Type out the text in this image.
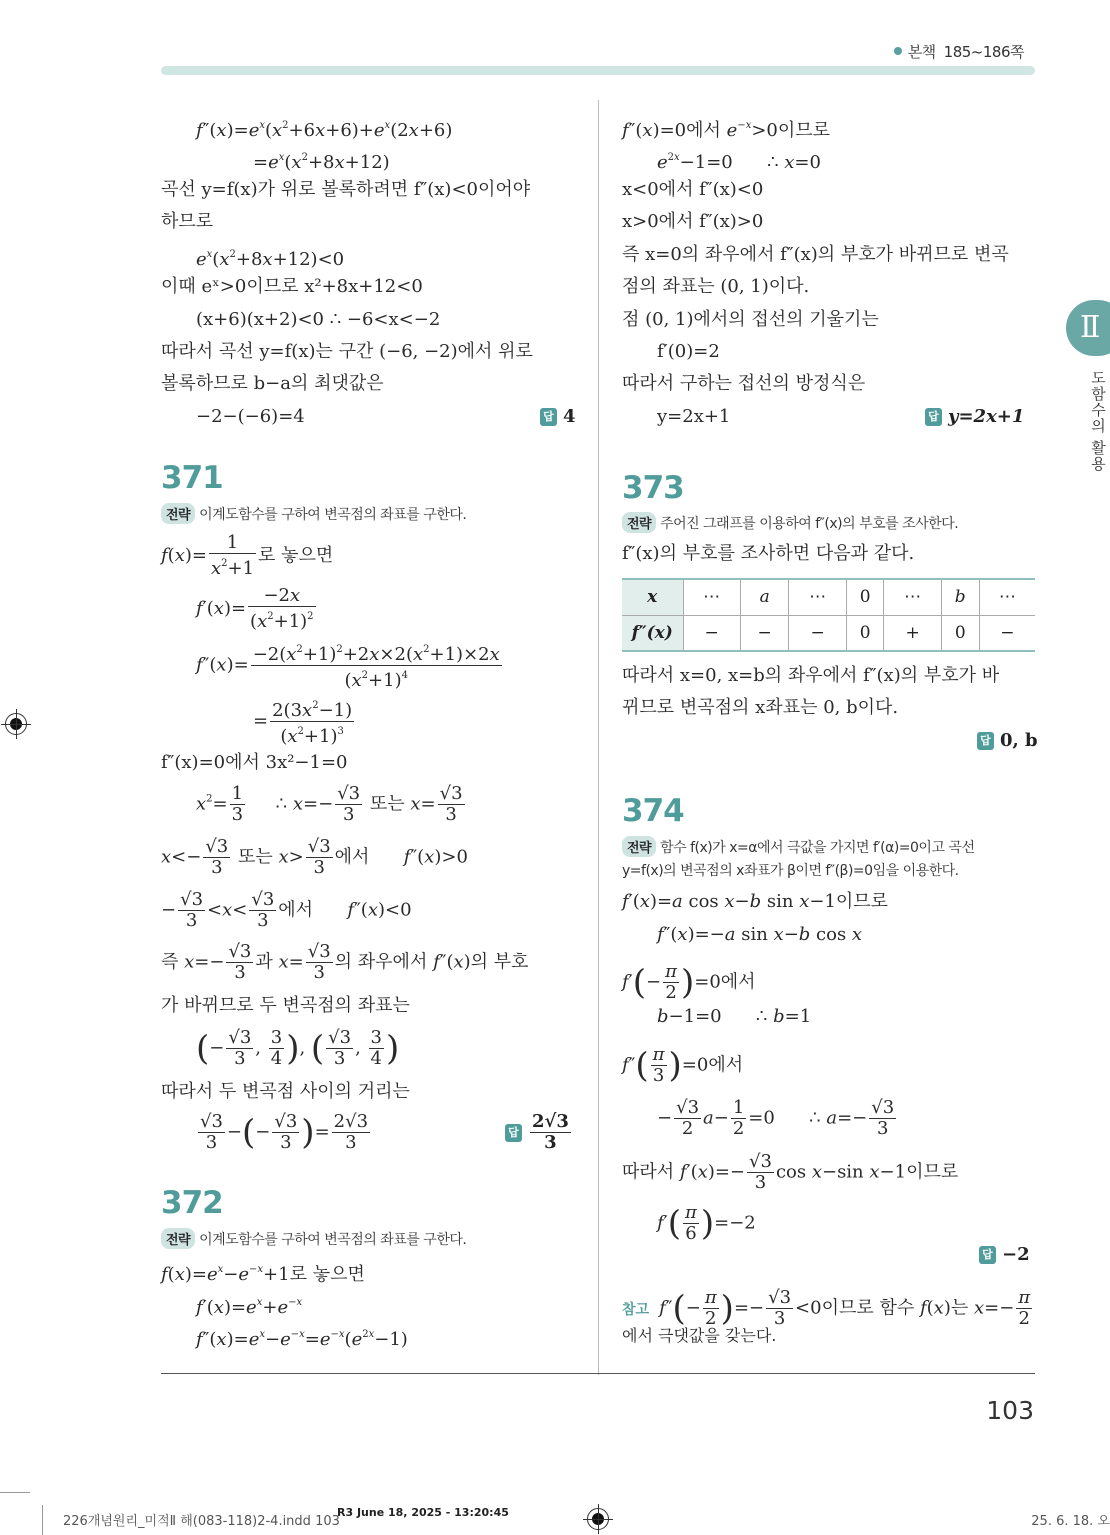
본책 185~186쪽
Ⅱ
도함수의 활용
$f''(x)=e^x(x^2+6x+6)+e^x(2x+6)$
$=e^x(x^2+8x+12)$
곡선 y=f(x)가 위로 볼록하려면 f″(x)<0이어야
하므로
$e^x(x^2+8x+12)<0$
이때 eˣ>0이므로 x²+8x+12<0
(x+6)(x+2)<0 ∴ −6<x<−2
따라서 곡선 y=f(x)는 구간 (−6, −2)에서 위로
볼록하므로 b−a의 최댓값은
−2−(−6)=4	답 4
371
전략 이계도함수를 구하여 변곡점의 좌표를 구한다.
$f(x)= \frac{1}{x^2+1}$ 로 놓으면
$f'(x)= \frac{-2x}{(x^2+1)^2}$
$f''(x)= \frac{-2(x^2+1)^2+2x\times 2(x^2+1)\times 2x}{(x^2+1)^4}$
= $\frac{2(3x^2-1)}{(x^2+1)^3}$
f″(x)=0에서 3x²−1=0
$x^2= \frac{1}{3}$ ∴ $x=- \frac{√3}{3}$ 또는 $x= \frac{√3}{3}$
$x<- \frac{√3}{3}$ 또는 $x> \frac{√3}{3}$ 에서      f″(x)>0
− $\frac{√3}{3} <x< \frac{√3}{3}$ 에서      f″(x)<0
즉 $x=- \frac{√3}{3}$ 과 $x= \frac{√3}{3}$ 의 좌우에서 f″(x)의 부호
가 바뀌므로 두 변곡점의 좌표는
(− $\frac{√3}{3}$ , $\frac{3}{4}$ ), ( $\frac{√3}{3}$ , $\frac{3}{4}$ )
따라서 두 변곡점 사이의 거리는
$\frac{√3}{3}$ −(− $\frac{√3}{3}$ )= $\frac{2√3}{3}$	답 $\frac{2√3}{3}$
372
전략 이계도함수를 구하여 변곡점의 좌표를 구한다.
$f(x)=e^x-e^{-x}+1$로 놓으면
$f'(x)=e^x+e^{-x}$
$f''(x)=e^x-e^{-x}=e^{-x}(e^{2x}-1)$
f″(x)=0에서 $e^{-x}>0$이므로
$e^{2x}-1=0$      ∴ x=0
x<0에서 f″(x)<0
x>0에서 f″(x)>0
즉 x=0의 좌우에서 f″(x)의 부호가 바뀌므로 변곡
점의 좌표는 (0, 1)이다.
점 (0, 1)에서의 접선의 기울기는
f′(0)=2
따라서 구하는 접선의 방정식은
y=2x+1	답 y=2x+1
373
전략 주어진 그래프를 이용하여 f″(x)의 부호를 조사한다.
f″(x)의 부호를 조사하면 다음과 같다.
x	⋯	a	⋯	0	⋯	b	⋯
f″(x)	−	−	−	0	+	0	−
따라서 x=0, x=b의 좌우에서 f″(x)의 부호가 바
뀌므로 변곡점의 x좌표는 0, b이다.
답 0, b
374
전략 함수 f(x)가 x=α에서 극값을 가지면 f′(α)=0이고 곡선
y=f(x)의 변곡점의 x좌표가 β이면 f″(β)=0임을 이용한다.
f′(x)=a cos x−b sin x−1이므로
f″(x)=−a sin x−b cos x
$f'(- \frac{\pi}{2} )=0$에서
b−1=0      ∴ b=1
$f''( \frac{\pi}{3} )=0$에서
− $\frac{√3}{2} a- \frac{1}{2} =0$      ∴ $a=- \frac{√3}{3}$
따라서 $f'(x)=- \frac{√3}{3}$ cos x−sin x−1이므로
$f'( \frac{\pi}{6} )=-2$
답 −2
참고 $f''(- \frac{\pi}{2}$ )=− $\frac{√3}{3} <0$이므로 함수 f(x)는 $x=- \frac{\pi}{2}$
에서 극댓값을 갖는다.
103
226개념원리_미적Ⅱ 해(083-118)2-4.indd 103
R3 June 18, 2025 - 13:20:45
25. 6. 18. 오
